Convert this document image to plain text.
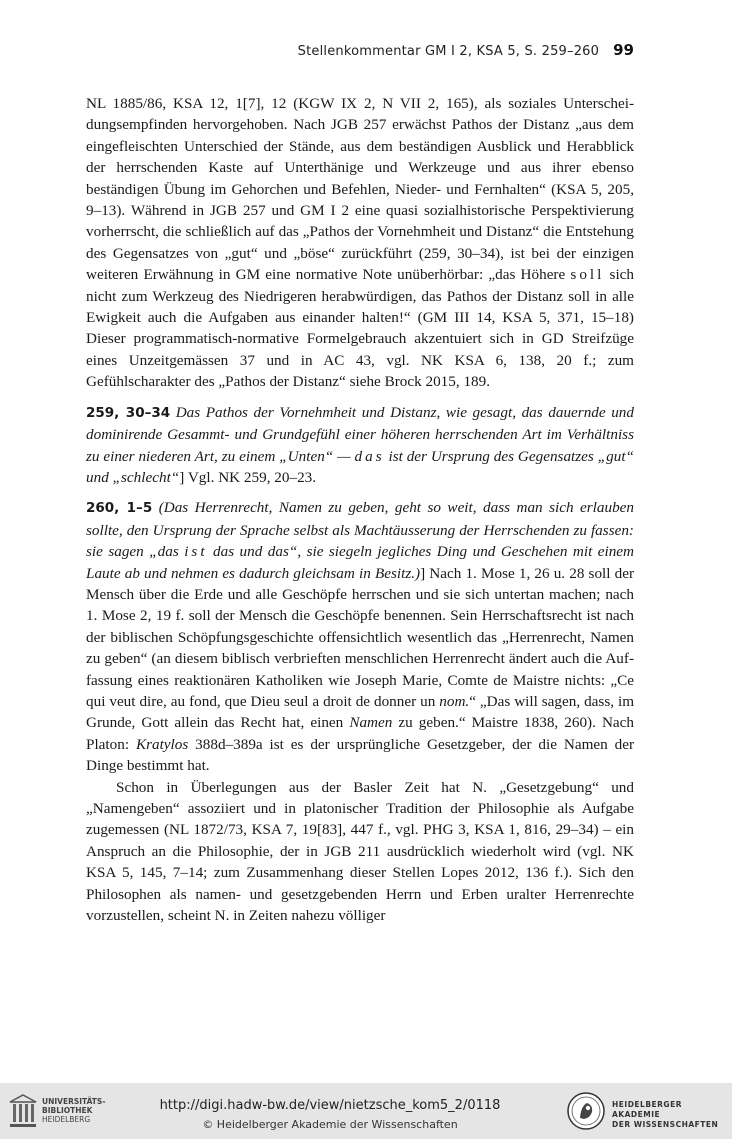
Stellenkommentar GM I 2, KSA 5, S. 259–260 99

NL 1885/86, KSA 12, 1[7], 12 (KGW IX 2, N VII 2, 165), als soziales Unterscheidungsempfinden hervorgehoben. Nach JGB 257 erwächst Pathos der Distanz „aus dem eingefleischten Unterschied der Stände, aus dem beständigen Ausblick und Herabblick der herrschenden Kaste auf Unterthänige und Werkzeuge und aus ihrer ebenso beständigen Übung im Gehorchen und Befehlen, Nieder- und Fernhalten“ (KSA 5, 205, 9–13). Während in JGB 257 und GM I 2 eine quasi sozialhistorische Perspektivierung vorherrscht, die schließlich auf das „Pathos der Vornehmheit und Distanz“ die Entstehung des Gegensatzes von „gut“ und „böse“ zurückführt (259, 30–34), ist bei der einzigen weiteren Erwähnung in GM eine normative Note unüberhörbar: „das Höhere soll sich nicht zum Werkzeug des Niedrigeren herabwürdigen, das Pathos der Distanz soll in alle Ewigkeit auch die Aufgaben aus einander halten!“ (GM III 14, KSA 5, 371, 15–18) Dieser programmatisch-normative Formelgebrauch akzentuiert sich in GD Streifzüge eines Unzeitgemässen 37 und in AC 43, vgl. NK KSA 6, 138, 20 f.; zum Gefühlscharakter des „Pathos der Distanz“ siehe Brock 2015, 189.

259, 30–34 Das Pathos der Vornehmheit und Distanz, wie gesagt, das dauernde und dominirende Gesammt- und Grundgefühl einer höheren herrschenden Art im Verhältniss zu einer niederen Art, zu einem „Unten“ — das ist der Ursprung des Gegensatzes „gut“ und „schlecht“] Vgl. NK 259, 20–23.

260, 1–5 (Das Herrenrecht, Namen zu geben, geht so weit, dass man sich erlauben sollte, den Ursprung der Sprache selbst als Machtäusserung der Herrschenden zu fassen: sie sagen „das ist das und das“, sie siegeln jegliches Ding und Geschehen mit einem Laute ab und nehmen es dadurch gleichsam in Besitz.)] Nach 1. Mose 1, 26 u. 28 soll der Mensch über die Erde und alle Geschöpfe herrschen und sie sich untertan machen; nach 1. Mose 2, 19 f. soll der Mensch die Geschöpfe benennen. Sein Herrschaftsrecht ist nach der biblischen Schöpfungsgeschichte offensichtlich wesentlich das „Herrenrecht, Namen zu geben“ (an diesem biblisch verbrieften menschlichen Herrenrecht ändert auch die Auffassung eines reaktionären Katholiken wie Joseph Marie, Comte de Maistre nichts: „Ce qui veut dire, au fond, que Dieu seul a droit de donner un nom.“ „Das will sagen, dass, im Grunde, Gott allein das Recht hat, einen Namen zu geben.“ Maistre 1838, 260). Nach Platon: Kratylos 388d–389a ist es der ursprüngliche Gesetzgeber, der die Namen der Dinge bestimmt hat.

Schon in Überlegungen aus der Basler Zeit hat N. „Gesetzgebung“ und „Namengeben“ assoziiert und in platonischer Tradition der Philosophie als Aufgabe zugemessen (NL 1872/73, KSA 7, 19[83], 447 f., vgl. PHG 3, KSA 1, 816, 29–34) – ein Anspruch an die Philosophie, der in JGB 211 ausdrücklich wiederholt wird (vgl. NK KSA 5, 145, 7–14; zum Zusammenhang dieser Stellen Lopes 2012, 136 f.). Sich den Philosophen als namen- und gesetzgebenden Herrn und Erben uralter Herrenrechte vorzustellen, scheint N. in Zeiten nahezu völliger

UNIVERSITÄTS-
BIBLIOTHEK
HEIDELBERG
http://digi.hadw-bw.de/view/nietzsche_kom5_2/0118
© Heidelberger Akademie der Wissenschaften
HEIDELBERGER AKADEMIE
DER WISSENSCHAFTEN
